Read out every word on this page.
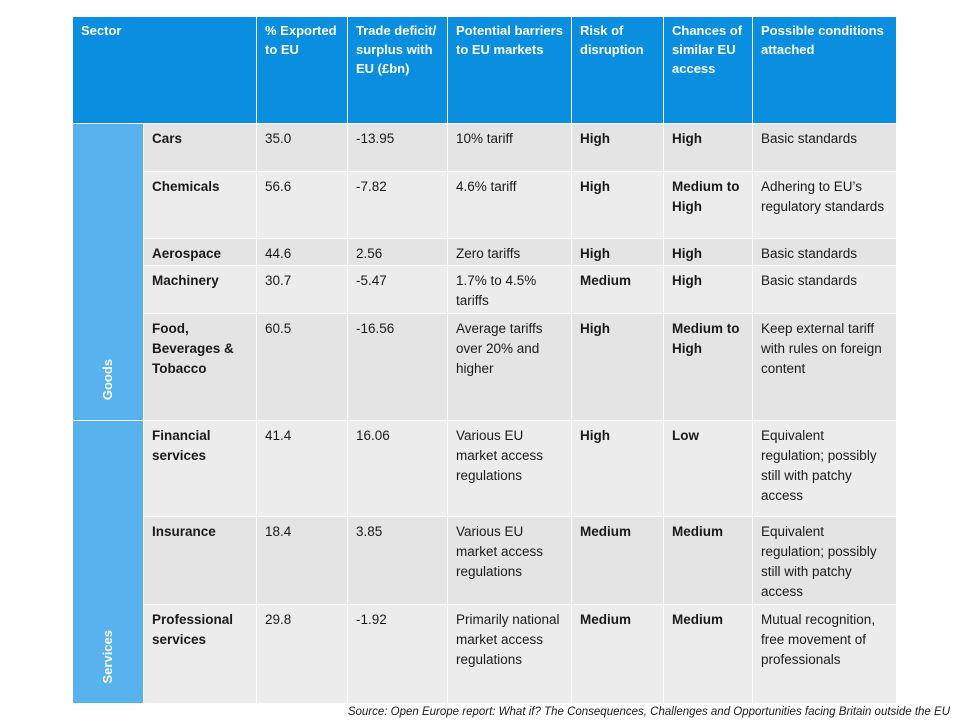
Sector		% Exported to EU	Trade deficit/ surplus with EU (£bn)	Potential barriers to EU markets	Risk of disruption	Chances of similar EU access	Possible conditions attached

Goods	Cars	35.0	-13.95	10% tariff	High	High	Basic standards
	Chemicals	56.6	-7.82	4.6% tariff	High	Medium to High	Adhering to EU’s regulatory standards
	Aerospace	44.6	2.56	Zero tariffs	High	High	Basic standards
	Machinery	30.7	-5.47	1.7% to 4.5% tariffs	Medium	High	Basic standards
	Food, Beverages & Tobacco	60.5	-16.56	Average tariffs over 20% and higher	High	Medium to High	Keep external tariff with rules on foreign content

Services	Financial services	41.4	16.06	Various EU market access regulations	High	Low	Equivalent regulation; possibly still with patchy access
	Insurance	18.4	3.85	Various EU market access regulations	Medium	Medium	Equivalent regulation; possibly still with patchy access
	Professional services	29.8	-1.92	Primarily national market access regulations	Medium	Medium	Mutual recognition, free movement of professionals
Source: Open Europe report: What if? The Consequences, Challenges and Opportunities facing Britain outside the EU
